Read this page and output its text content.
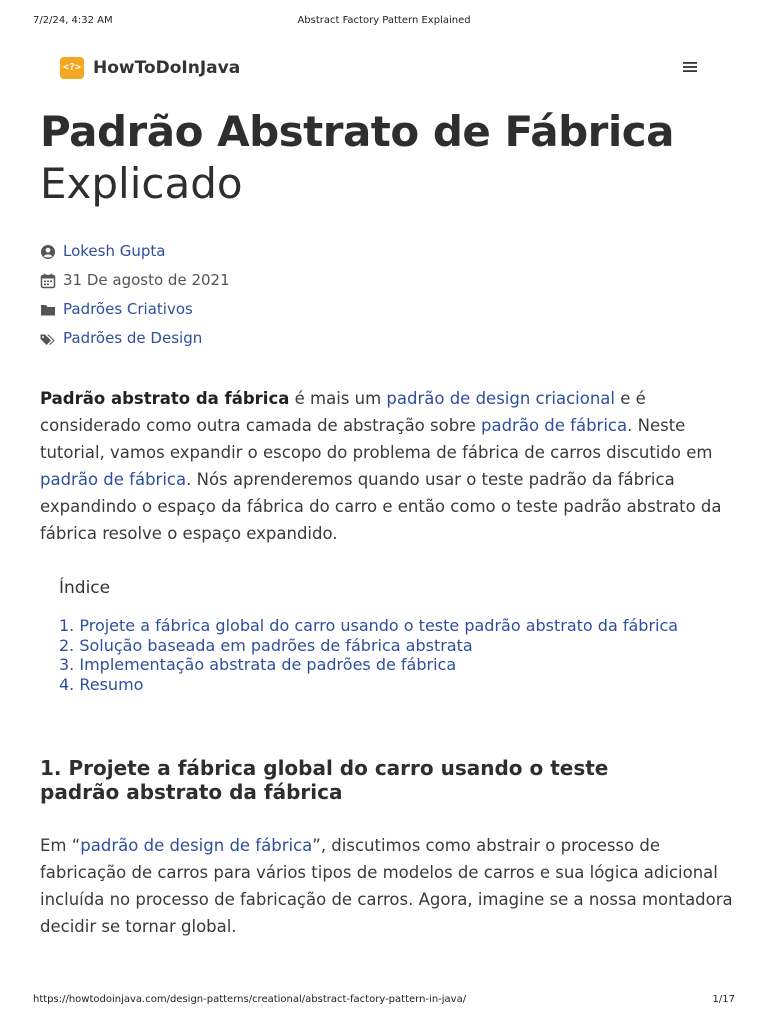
7/2/24, 4:32 AM	Abstract Factory Pattern Explained
<?> HowToDoInJava
Padrão Abstrato de Fábrica
Explicado
Lokesh Gupta
31 De agosto de 2021
Padrões Criativos
Padrões de Design

Padrão abstrato da fábrica é mais um padrão de design criacional e é considerado como outra camada de abstração sobre padrão de fábrica. Neste tutorial, vamos expandir o escopo do problema de fábrica de carros discutido em padrão de fábrica. Nós aprenderemos quando usar o teste padrão da fábrica expandindo o espaço da fábrica do carro e então como o teste padrão abstrato da fábrica resolve o espaço expandido.

Índice
1. Projete a fábrica global do carro usando o teste padrão abstrato da fábrica
2. Solução baseada em padrões de fábrica abstrata
3. Implementação abstrata de padrões de fábrica
4. Resumo
1. Projete a fábrica global do carro usando o teste padrão abstrato da fábrica

Em “padrão de design de fábrica”, discutimos como abstrair o processo de fabricação de carros para vários tipos de modelos de carros e sua lógica adicional incluída no processo de fabricação de carros. Agora, imagine se a nossa montadora decidir se tornar global.

https://howtodoinjava.com/design-patterns/creational/abstract-factory-pattern-in-java/	1/17
